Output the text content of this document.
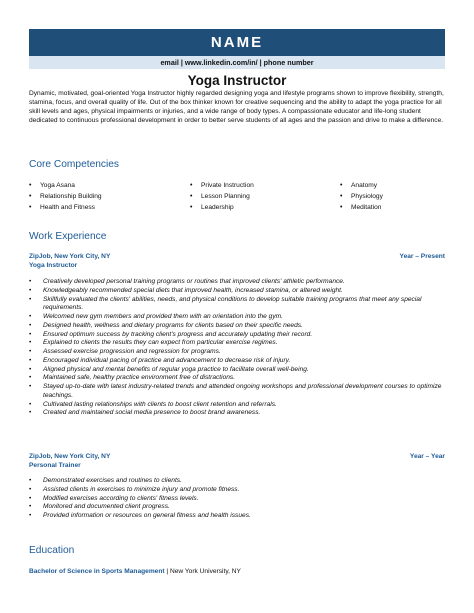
NAME
email | www.linkedin.com/in/ | phone number
Yoga Instructor

Dynamic, motivated, goal-oriented Yoga Instructor highly regarded designing yoga and lifestyle programs shown to improve flexibility, strength, stamina, focus, and overall quality of life. Out of the box thinker known for creative sequencing and the ability to adapt the yoga practice for all skill levels and ages, physical impairments or injuries, and a wide range of body types. A compassionate educator and life-long student dedicated to continuous professional development in order to better serve students of all ages and the passion and drive to make a difference.

Core Competencies
• Yoga Asana
• Relationship Building
• Health and Fitness
• Private Instruction
• Lesson Planning
• Leadership
• Anatomy
• Physiology
• Meditation
Work Experience
ZipJob, New York City, NY	Year – Present
Yoga Instructor
• Creatively developed personal training programs or routines that improved clients' athletic performance.
• Knowledgeably recommended special diets that improved health, increased stamina, or altered weight.
• Skillfully evaluated the clients' abilities, needs, and physical conditions to develop suitable training programs that meet any special requirements.
• Welcomed new gym members and provided them with an orientation into the gym.
• Designed health, wellness and dietary programs for clients based on their specific needs.
• Ensured optimum success by tracking client's progress and accurately updating their record.
• Explained to clients the results they can expect from particular exercise regimes.
• Assessed exercise progression and regression for programs.
• Encouraged individual pacing of practice and advancement to decrease risk of injury.
• Aligned physical and mental benefits of regular yoga practice to facilitate overall well-being.
• Maintained safe, healthy practice environment free of distractions.
• Stayed up-to-date with latest industry-related trends and attended ongoing workshops and professional development courses to optimize teachings.
• Cultivated lasting relationships with clients to boost client retention and referrals.
• Created and maintained social media presence to boost brand awareness.
ZipJob, New York City, NY	Year – Year
Personal Trainer
• Demonstrated exercises and routines to clients.
• Assisted clients in exercises to minimize injury and promote fitness.
• Modified exercises according to clients' fitness levels.
• Monitored and documented client progress.
• Provided information or resources on general fitness and health issues.
Education
Bachelor of Science in Sports Management | New York University, NY
